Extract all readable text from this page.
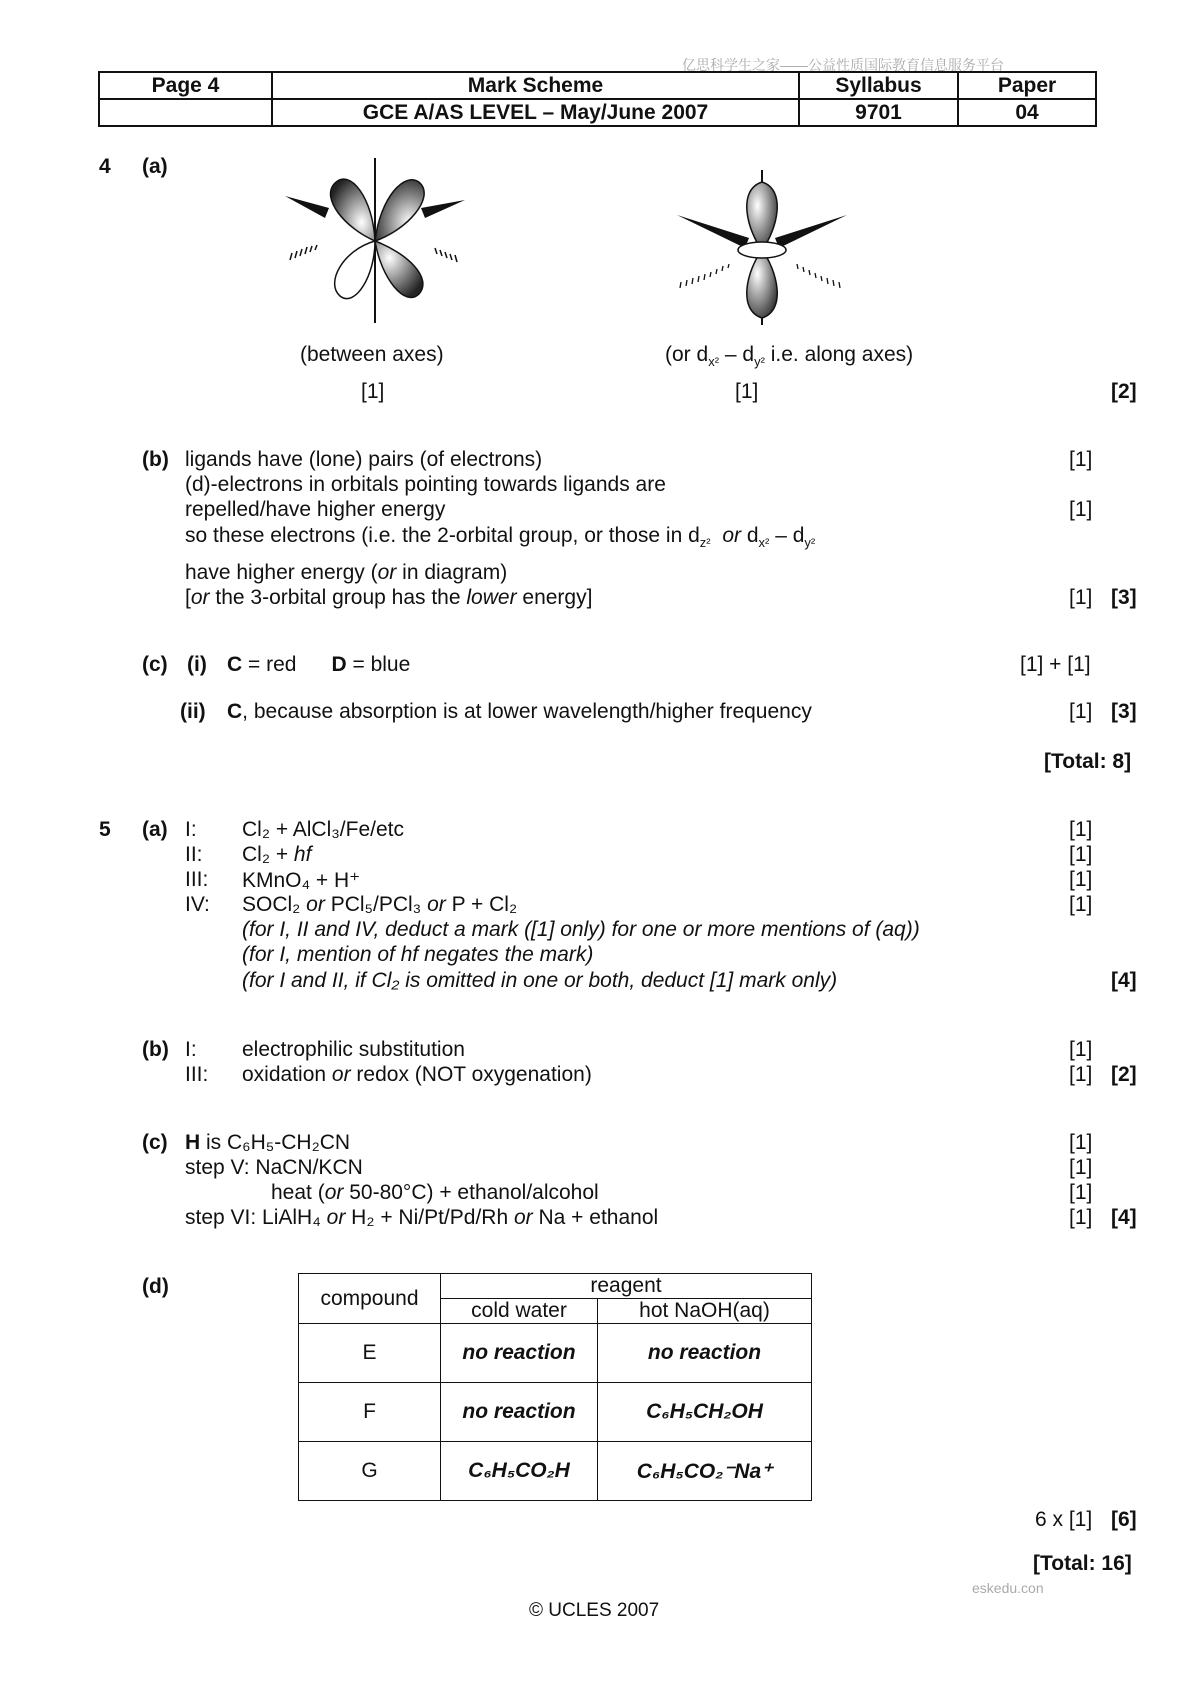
亿思科学生之家——公益性质国际教育信息服务平台
Page 4	Mark Scheme	Syllabus	Paper
	GCE A/AS LEVEL – May/June 2007	9701	04
4 (a)
(between axes)	(or $d_{x^2} - d_{y^2}$ i.e. along axes)
[1]	[1]	[2]
(b) ligands have (lone) pairs (of electrons)	[1]
(d)-electrons in orbitals pointing towards ligands are
repelled/have higher energy	[1]
so these electrons (i.e. the 2-orbital group, or those in $d_{z^2}$ or $d_{x^2} - d_{y^2}$
have higher energy (or in diagram)
[or the 3-orbital group has the lower energy]	[1] [3]
(c) (i) C = red D = blue	[1] + [1]
(ii) C, because absorption is at lower wavelength/higher frequency	[1] [3]
[Total: 8]
5 (a) I: Cl₂ + AlCl₃/Fe/etc	[1]
II: Cl₂ + hf	[1]
III: KMnO₄ + H⁺	[1]
IV: SOCl₂ or PCl₅/PCl₃ or P + Cl₂	[1]
(for I, II and IV, deduct a mark ([1] only) for one or more mentions of (aq))
(for I, mention of hf negates the mark)
(for I and II, if Cl₂ is omitted in one or both, deduct [1] mark only)	[4]
(b) I: electrophilic substitution	[1]
III: oxidation or redox (NOT oxygenation)	[1] [2]
(c) H is C₆H₅-CH₂CN	[1]
step V: NaCN/KCN	[1]
heat (or 50-80°C) + ethanol/alcohol	[1]
step VI: LiAlH₄ or H₂ + Ni/Pt/Pd/Rh or Na + ethanol	[1] [4]
(d)	compound	reagent	
	cold water	hot NaOH(aq)
E	no reaction	no reaction
F	no reaction	C₆H₅CH₂OH
G	C₆H₅CO₂H	C₆H₅CO₂⁻Na⁺
6 x [1] [6]
[Total: 16]
eskedu.con
© UCLES 2007
